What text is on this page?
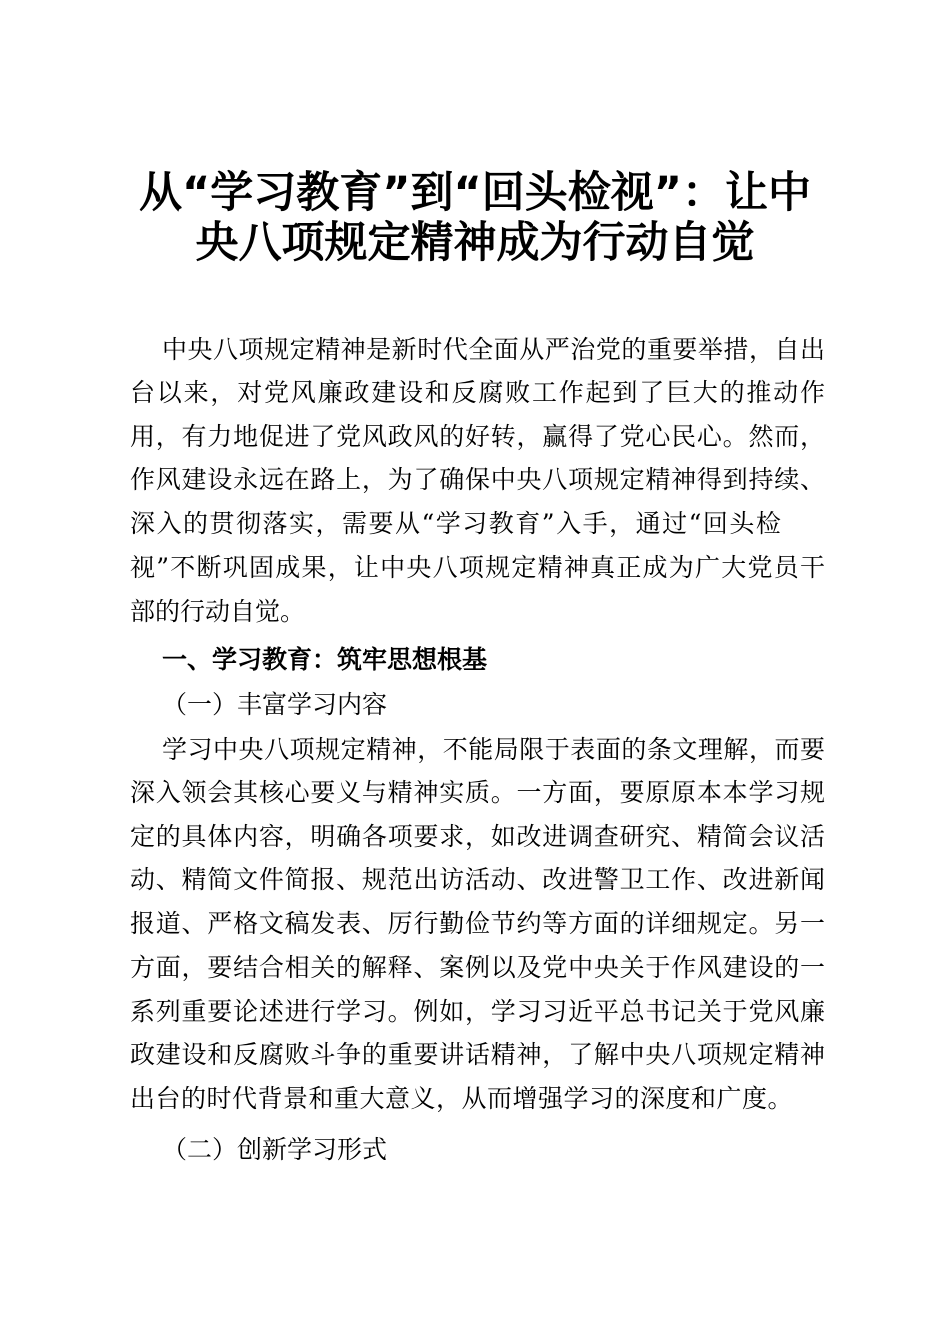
从“学习教育”到“回头检视”：让中
央八项规定精神成为行动自觉
中央八项规定精神是新时代全面从严治党的重要举措，自出
台以来，对党风廉政建设和反腐败工作起到了巨大的推动作
用，有力地促进了党风政风的好转，赢得了党心民心。然而，
作风建设永远在路上，为了确保中央八项规定精神得到持续、
深入的贯彻落实，需要从“学习教育”入手，通过“回头检
视”不断巩固成果，让中央八项规定精神真正成为广大党员干
部的行动自觉。
一、学习教育：筑牢思想根基
（一）丰富学习内容
学习中央八项规定精神，不能局限于表面的条文理解，而要
深入领会其核心要义与精神实质。一方面，要原原本本学习规
定的具体内容，明确各项要求，如改进调查研究、精简会议活
动、精简文件简报、规范出访活动、改进警卫工作、改进新闻
报道、严格文稿发表、厉行勤俭节约等方面的详细规定。另一
方面，要结合相关的解释、案例以及党中央关于作风建设的一
系列重要论述进行学习。例如，学习习近平总书记关于党风廉
政建设和反腐败斗争的重要讲话精神，了解中央八项规定精神
出台的时代背景和重大意义，从而增强学习的深度和广度。
（二）创新学习形式
